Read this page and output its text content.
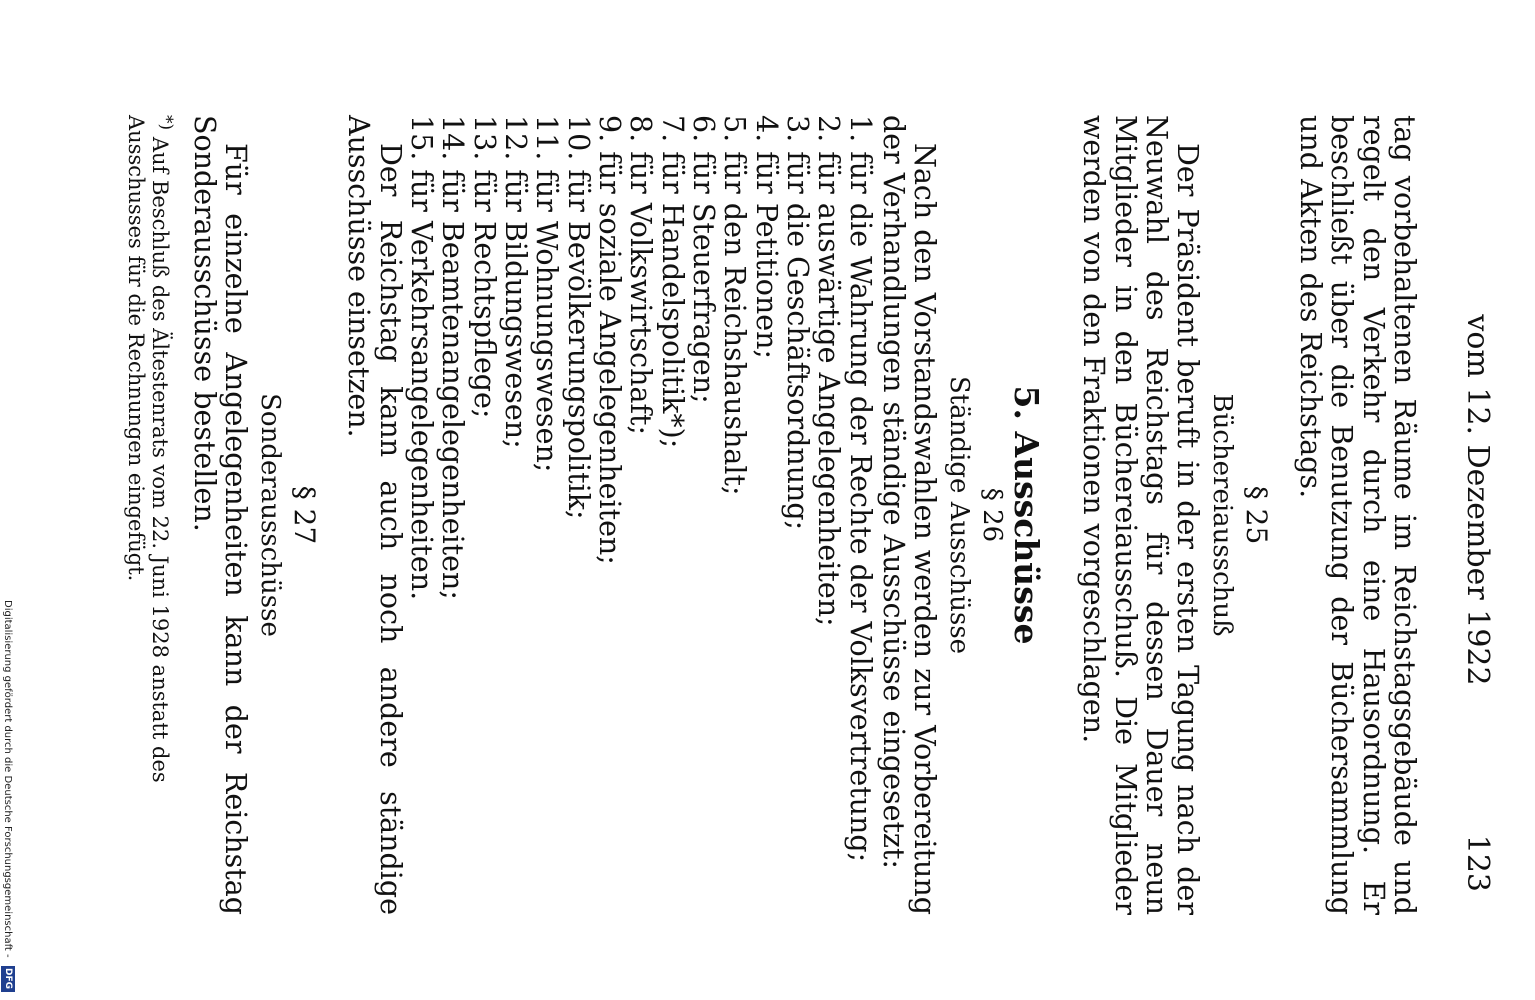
vom 12. Dezember 1922
123

tag vorbehaltenen Räume im Reichstagsgebäude und regelt den Verkehr durch eine Hausordnung. Er beschließt über die Benutzung der Büchersammlung und Akten des Reichstags.

§ 25
Büchereiausschuß

Der Präsident beruft in der ersten Tagung nach der Neuwahl des Reichstags für dessen Dauer neun Mitglieder in den Büchereiausschuß. Die Mitglieder werden von den Fraktionen vorgeschlagen.

5. Ausschüsse
§ 26
Ständige Ausschüsse

Nach den Vorstandswahlen werden zur Vorbereitung der Verhandlungen ständige Ausschüsse eingesetzt:

1. für die Wahrung der Rechte der Volksvertretung;

2. für auswärtige Angelegenheiten;

3. für die Geschäftsordnung;

4. für Petitionen;

5. für den Reichshaushalt;

6. für Steuerfragen;

7. für Handelspolitik*);

8. für Volkswirtschaft;

9. für soziale Angelegenheiten;

10. für Bevölkerungspolitik;

11. für Wohnungswesen;

12. für Bildungswesen;

13. für Rechtspflege;

14. für Beamtenangelegenheiten;

15. für Verkehrsangelegenheiten.

Der Reichstag kann auch noch andere ständige Ausschüsse einsetzen.

§ 27
Sonderausschüsse

Für einzelne Angelegenheiten kann der Reichstag Sonderausschüsse bestellen.

*) Auf Beschluß des Ältestenrats vom 22. Juni 1928 anstatt des Ausschusses für die Rechnungen eingefügt.

Digitalisierung gefördert durch die Deutsche Forschungsgemeinschaft -
DFG
